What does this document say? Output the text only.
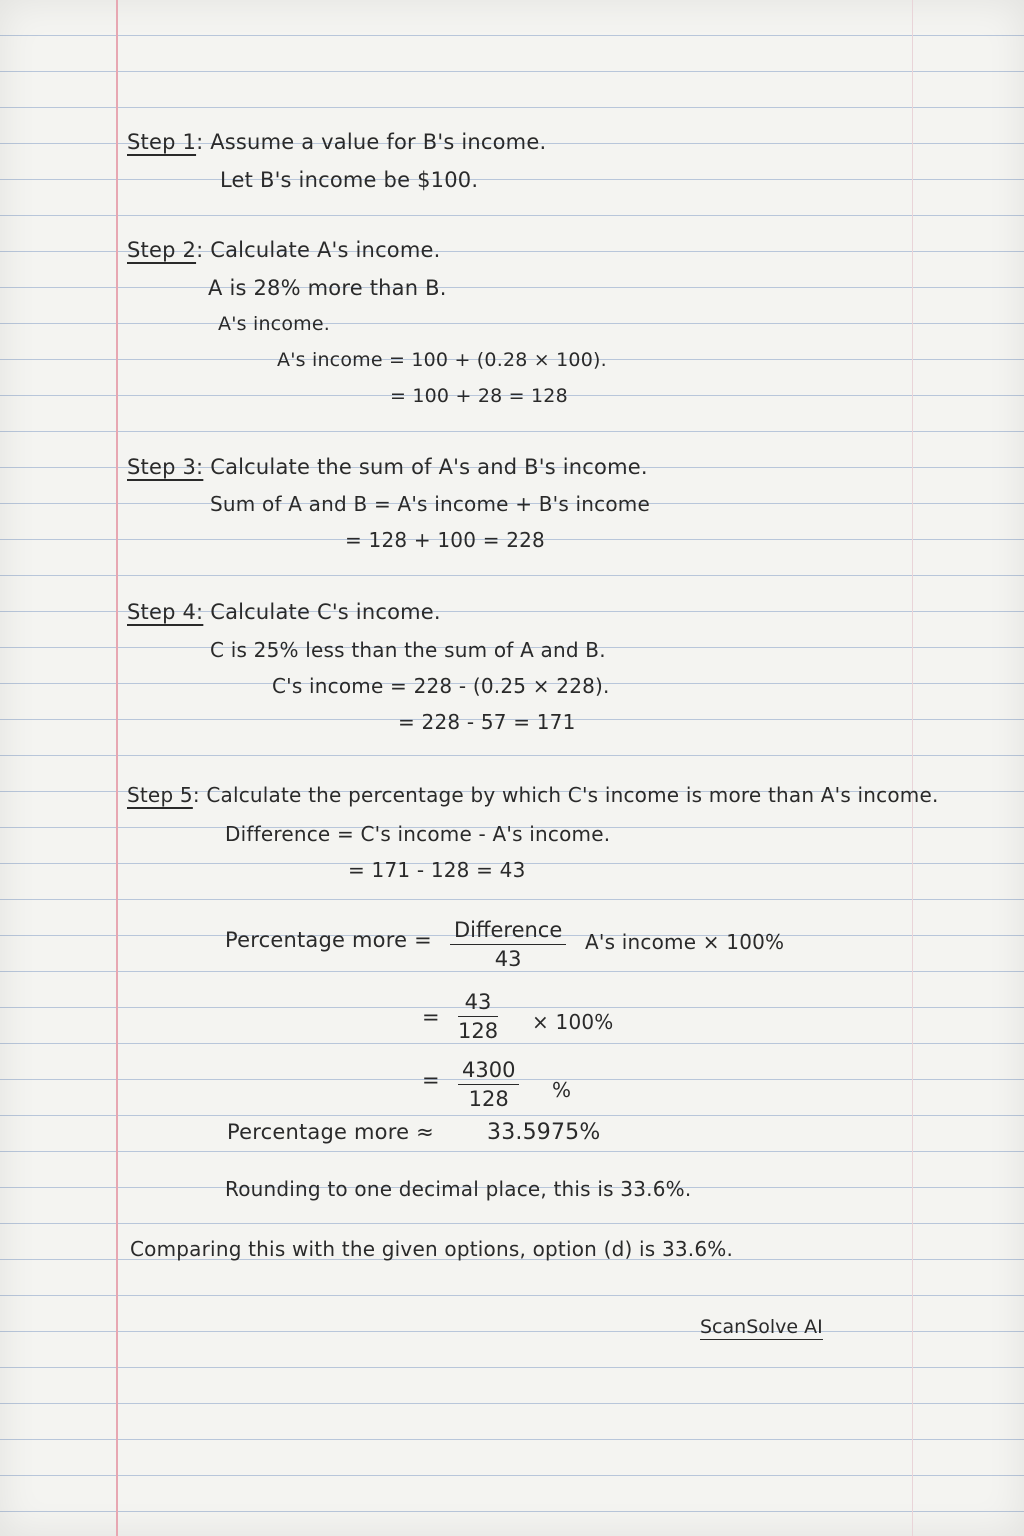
Step 1: Assume a value for B's income.
Let B's income be $100.
Step 2: Calculate A's income.
A is 28% more than B.
A's income.
A's income = 100 + (0.28 × 100).
= 100 + 28 = 128
Step 3: Calculate the sum of A's and B's income.
Sum of A and B = A's income + B's income
= 128 + 100 = 228
Step 4: Calculate C's income.
C is 25% less than the sum of A and B.
C's income = 228 - (0.25 × 228).
= 228 - 57 = 171
Step 5: Calculate the percentage by which C's income is more than A's income.
Difference = C's income - A's income.
= 171 - 128 = 43
Percentage more = Difference
43
A's income × 100%
= $\frac{43}{128} \times 100\%$
= $\frac{4300}{128}$ %
Percentage more ≈ 33.5975%
Rounding to one decimal place, this is 33.6%.
Comparing this with the given options, option (d) is 33.6%.
ScanSolve AI
